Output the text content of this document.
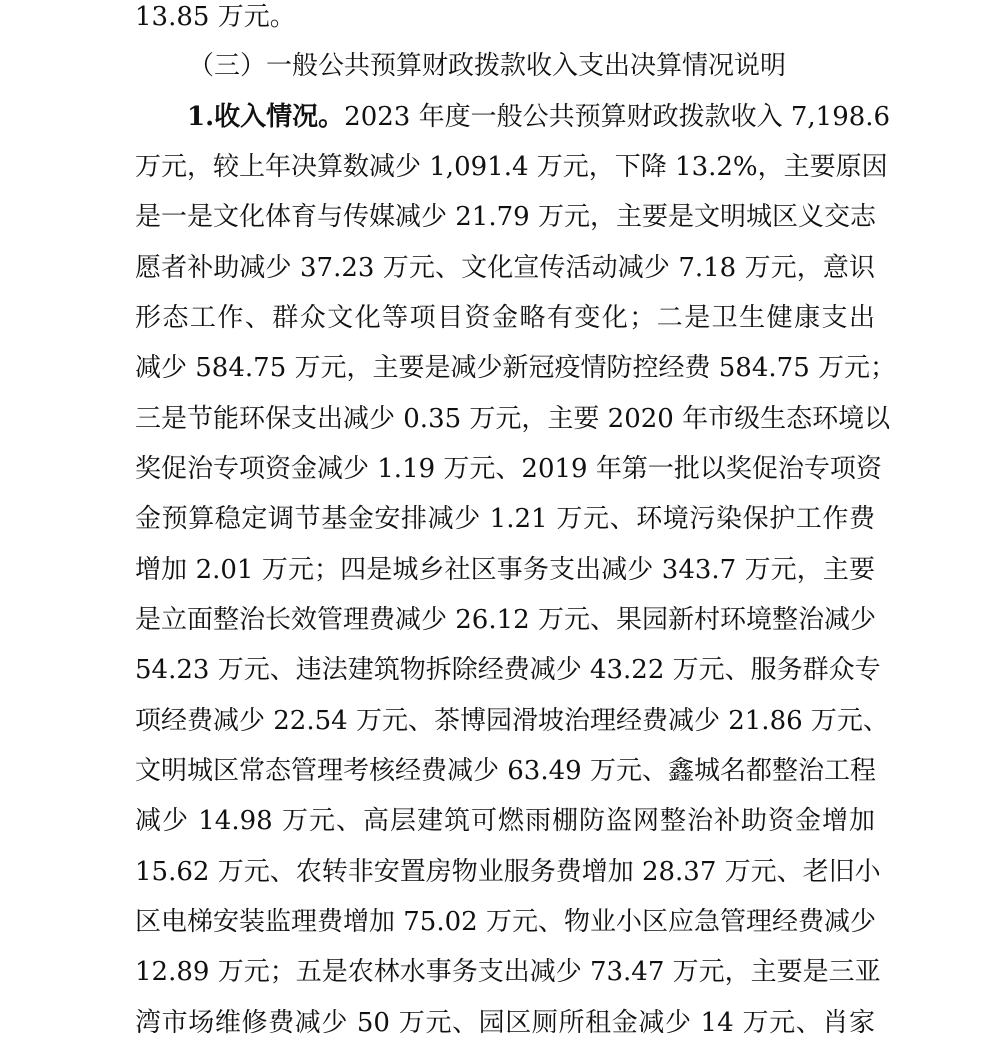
13.85 万元。
（三）一般公共预算财政拨款收入支出决算情况说明
1.收入情况。2023 年度一般公共预算财政拨款收入 7,198.6
万元，较上年决算数减少 1,091.4 万元，下降 13.2%，主要原因
是一是文化体育与传媒减少 21.79 万元，主要是文明城区义交志
愿者补助减少 37.23 万元、文化宣传活动减少 7.18 万元，意识
形态工作、群众文化等项目资金略有变化；二是卫生健康支出
减少 584.75 万元，主要是减少新冠疫情防控经费 584.75 万元；
三是节能环保支出减少 0.35 万元，主要 2020 年市级生态环境以
奖促治专项资金减少 1.19 万元、2019 年第一批以奖促治专项资
金预算稳定调节基金安排减少 1.21 万元、环境污染保护工作费
增加 2.01 万元；四是城乡社区事务支出减少 343.7 万元，主要
是立面整治长效管理费减少 26.12 万元、果园新村环境整治减少
54.23 万元、违法建筑物拆除经费减少 43.22 万元、服务群众专
项经费减少 22.54 万元、茶博园滑坡治理经费减少 21.86 万元、
文明城区常态管理考核经费减少 63.49 万元、鑫城名都整治工程
减少 14.98 万元、高层建筑可燃雨棚防盗网整治补助资金增加
15.62 万元、农转非安置房物业服务费增加 28.37 万元、老旧小
区电梯安装监理费增加 75.02 万元、物业小区应急管理经费减少
12.89 万元；五是农林水事务支出减少 73.47 万元，主要是三亚
湾市场维修费减少 50 万元、园区厕所租金减少 14 万元、肖家
